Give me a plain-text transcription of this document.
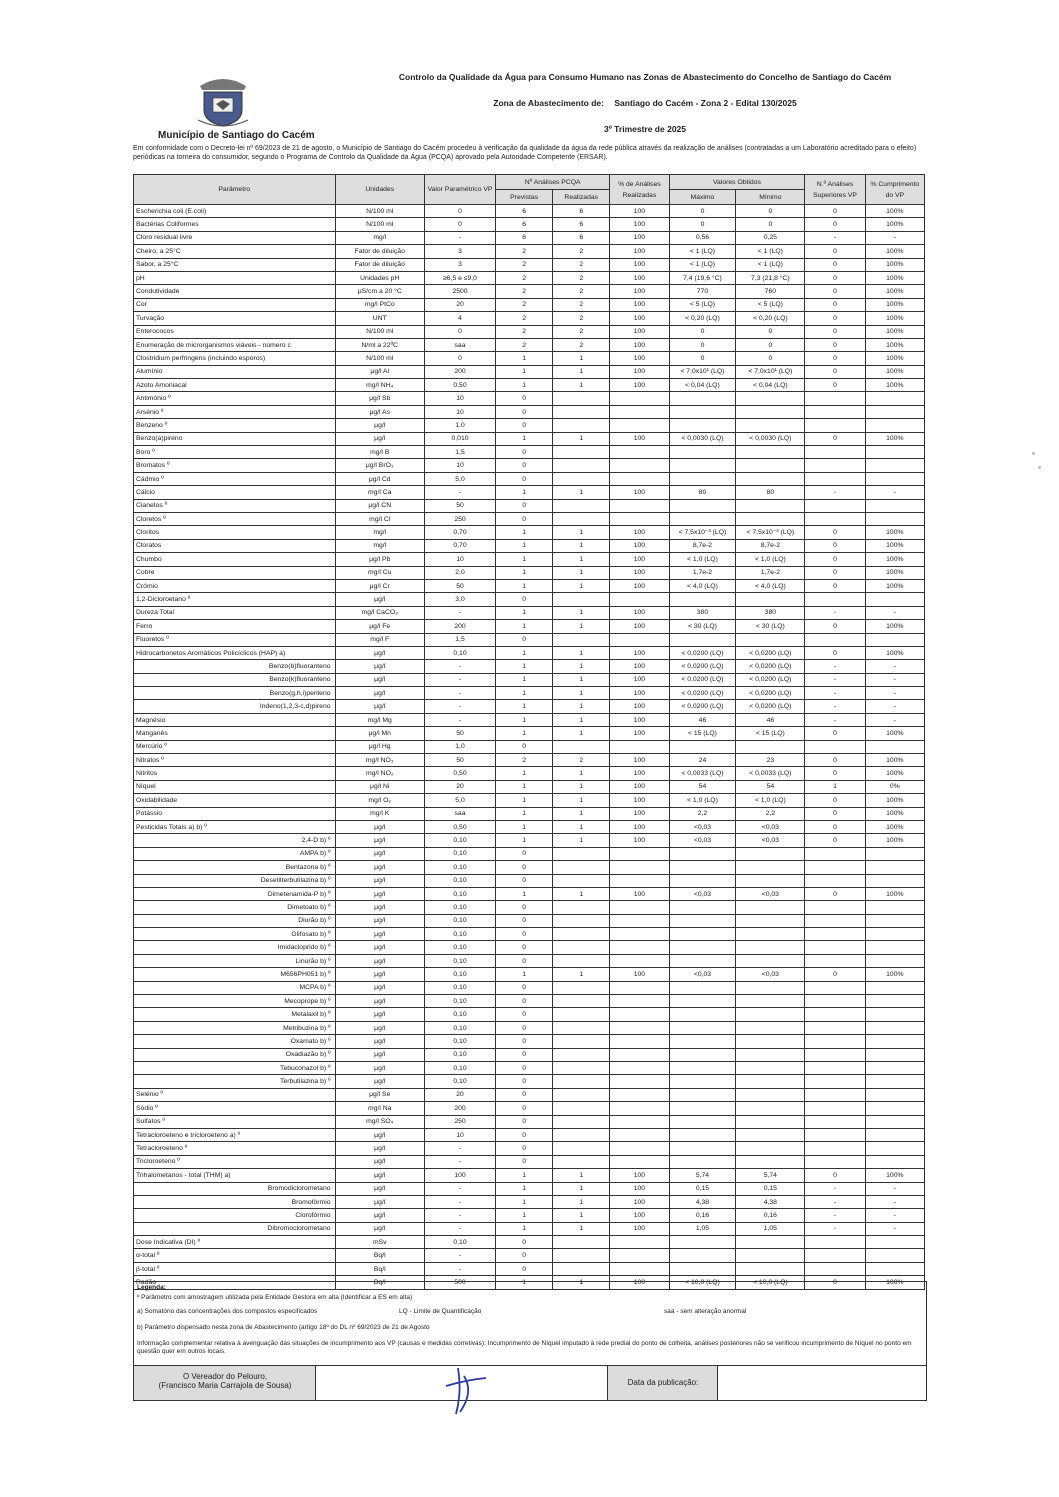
Município de Santiago do Cacém
Controlo da Qualidade da Água para Consumo Humano nas Zonas de Abastecimento do Concelho de Santiago do Cacém
Zona de Abastecimento de: Santiago do Cacém - Zona 2 - Edital 130/2025
3º Trimestre de 2025
Em conformidade com o Decreto-lei nº 69/2023 de 21 de agosto, o Município de Santiago do Cacém procedeu à verificação da qualidade da água da rede pública através da realização de análises (contratadas a um Laboratório acreditado para o efeito) periódicas na torneira do consumidor, segundo o Programa de Controlo da Qualidade da Água (PCQA) aprovado pela Autoridade Competente (ERSAR).
Parâmetro	Unidades	Valor Paramétrico VP	Nº Análises PCQA		% de Análises Realizadas	Valores Obtidos		N.º Análises Superiores VP	% Cumprimento do VP
			Previstas	Realizadas		Máximo	Mínimo		
Escherichia coli (E.coli)	N/100 ml	0	6	6	100	0	0	0	100%
Bactérias Coliformes	N/100 ml	0	6	6	100	0	0	0	100%
Cloro residual livre	mg/l	-	6	6	100	0,56	0,25	-	-
Cheiro, a 25°C	Fator de diluição	3	2	2	100	< 1 (LQ)	< 1 (LQ)	0	100%
Sabor, a 25°C	Fator de diluição	3	2	2	100	< 1 (LQ)	< 1 (LQ)	0	100%
pH	Unidades pH	≥6,5 e ≤9,0	2	2	100	7,4 (19,6 °C)	7,3 (21,8 °C)	0	100%
Condutividade	μS/cm a 20 °C	2500	2	2	100	770	760	0	100%
Cor	mg/l PtCo	20	2	2	100	< 5 (LQ)	< 5 (LQ)	0	100%
Turvação	UNT	4	2	2	100	< 0,20 (LQ)	< 0,20 (LQ)	0	100%
Enterococos	N/100 ml	0	2	2	100	0	0	0	100%
Enumeração de microrganismos viáveis - número c	N/ml a 22ºC	saa	2	2	100	0	0	0	100%
Clostridium perfringens (incluindo esporos)	N/100 ml	0	1	1	100	0	0	0	100%
Alumínio	μg/l Al	200	1	1	100	< 7,0x10¹ (LQ)	< 7,0x10¹ (LQ)	0	100%
Azoto Amoniacal	mg/l NH₄	0,50	1	1	100	< 0,04 (LQ)	< 0,04 (LQ)	0	100%
Antimónio º	μg/l Sb	10	0						
Arsénio º	μg/l As	10	0						
Benzeno º	μg/l	1,0	0						
Benzo(a)pireno	μg/l	0,010	1	1	100	< 0,0030 (LQ)	< 0,0030 (LQ)	0	100%
Boro º	mg/l B	1,5	0						
Bromatos º	μg/l BrO₃	10	0						
Cádmio º	μg/l Cd	5,0	0						
Cálcio	mg/l Ca	-	1	1	100	80	80	-	-
Cianetos º	μg/l CN	50	0						
Cloretos º	mg/l Cl	250	0						
Cloritos	mg/l	0,70	1	1	100	< 7,5x10⁻³ (LQ)	< 7,5x10⁻³ (LQ)	0	100%
Cloratos	mg/l	0,70	1	1	100	8,7e-2	8,7e-2	0	100%
Chumbo	μg/l Pb	10	1	1	100	< 1,0 (LQ)	< 1,0 (LQ)	0	100%
Cobre	mg/l Cu	2,0	1	1	100	1,7e-2	1,7e-2	0	100%
Crómio	μg/l Cr	50	1	1	100	< 4,0 (LQ)	< 4,0 (LQ)	0	100%
1,2-Dicloroetano º	μg/l	3,0	0						
Dureza Total	mg/l CaCO₃	-	1	1	100	380	380	-	-
Ferro	μg/l Fe	200	1	1	100	< 30 (LQ)	< 30 (LQ)	0	100%
Fluoretos º	mg/l F	1,5	0						
Hidrocarbonetos Aromáticos Policíclicos (HAP) a)	μg/l	0,10	1	1	100	< 0,0200 (LQ)	< 0,0200 (LQ)	0	100%
Benzo(b)fluoranteno	μg/l	-	1	1	100	< 0,0200 (LQ)	< 0,0200 (LQ)	-	-
Benzo(k)fluoranteno	μg/l	-	1	1	100	< 0,0200 (LQ)	< 0,0200 (LQ)	-	-
Benzo(g,h,i)perileno	μg/l	-	1	1	100	< 0,0200 (LQ)	< 0,0200 (LQ)	-	-
Indeno(1,2,3-c,d)pireno	μg/l	-	1	1	100	< 0,0200 (LQ)	< 0,0200 (LQ)	-	-
Magnésio	mg/l Mg	-	1	1	100	46	46	-	-
Manganês	μg/l Mn	50	1	1	100	< 15 (LQ)	< 15 (LQ)	0	100%
Mercúrio º	μg/l Hg	1,0	0						
Nitratos º	mg/l NO₃	50	2	2	100	24	23	0	100%
Nitritos	mg/l NO₂	0,50	1	1	100	< 0,0033 (LQ)	< 0,0033 (LQ)	0	100%
Níquel	μg/l Ni	20	1	1	100	54	54	1	0%
Oxidabilidade	mg/l O₂	5,0	1	1	100	< 1,0 (LQ)	< 1,0 (LQ)	0	100%
Potássio	mg/l K	saa	1	1	100	2,2	2,2	0	100%
Pesticidas Totais a) b) º	μg/l	0,50	1	1	100	<0,03	<0,03	0	100%
2,4-D b) º	μg/l	0,10	1	1	100	<0,03	<0,03	0	100%
AMPA b) º	μg/l	0,10	0						
Bentazona b) º	μg/l	0,10	0						
Desetilterbutilazina b) º	μg/l	0,10	0						
Dimetenamida-P b) º	μg/l	0,10	1	1	100	<0,03	<0,03	0	100%
Dimetoato b) º	μg/l	0,10	0						
Diurão b) º	μg/l	0,10	0						
Glifosato b) º	μg/l	0,10	0						
Imidacloprido b) º	μg/l	0,10	0						
Linurão b) º	μg/l	0,10	0						
M656PH051 b) º	μg/l	0,10	1	1	100	<0,03	<0,03	0	100%
MCPA b) º	μg/l	0,10	0						
Mecoprope b) º	μg/l	0,10	0						
Metalaxil b) º	μg/l	0,10	0						
Metribuzina b) º	μg/l	0,10	0						
Oxamato b) º	μg/l	0,10	0						
Oxadiazão b) º	μg/l	0,10	0						
Tebuconazol b) º	μg/l	0,10	0						
Terbutilazina b) º	μg/l	0,10	0						
Selénio º	μg/l Se	20	0						
Sódio º	mg/l Na	200	0						
Sulfatos º	mg/l SO₄	250	0						
Tetracloroeteno e tricloroeteno a) º	μg/l	10	0						
Tetracloroeteno º	μg/l	-	0						
Tricloroeteno º	μg/l	-	0						
Trihalometanos - total (THM) a)	μg/l	100	1	1	100	5,74	5,74	0	100%
Bromodiclorometano	μg/l	-	1	1	100	0,15	0,15	-	-
Bromofórmio	μg/l	-	1	1	100	4,38	4,38	-	-
Clorofórmio	μg/l	-	1	1	100	0,16	0,16	-	-
Dibromoclorometano	μg/l	-	1	1	100	1,05	1,05	-	-
Dose Indicativa (DI) º	mSv	0,10	0						
α-total º	Bq/l	-	0						
β-total º	Bq/l	-	0						
Radão	Bq/l	500	1	1	100	< 10,0 (LQ)	< 10,0 (LQ)	0	100%
Legenda:
º Parâmetro com amostragem utilizada pela Entidade Gestora em alta (Identificar a ES em alta)
a) Somatório das concentrações dos compostos especificados	LQ - Limite de Quantificação	saa - sem alteração anormal
b) Parâmetro dispensado nesta zona de Abastecimento (artigo 18º do DL nº 69/2023 de 21 de Agosto
Informação complementar relativa à averiguação das situações de incumprimento aos VP (causas e medidas corretivas): Incumprimento de Níquel imputado à rede predial do ponto de colheita, análises posteriores não se verificou incumprimento de Níquel no ponto em questão quer em outros locais.
O Vereador do Pelouro,
(Francisco Maria Carrajola de Sousa)	Data da publicação:
